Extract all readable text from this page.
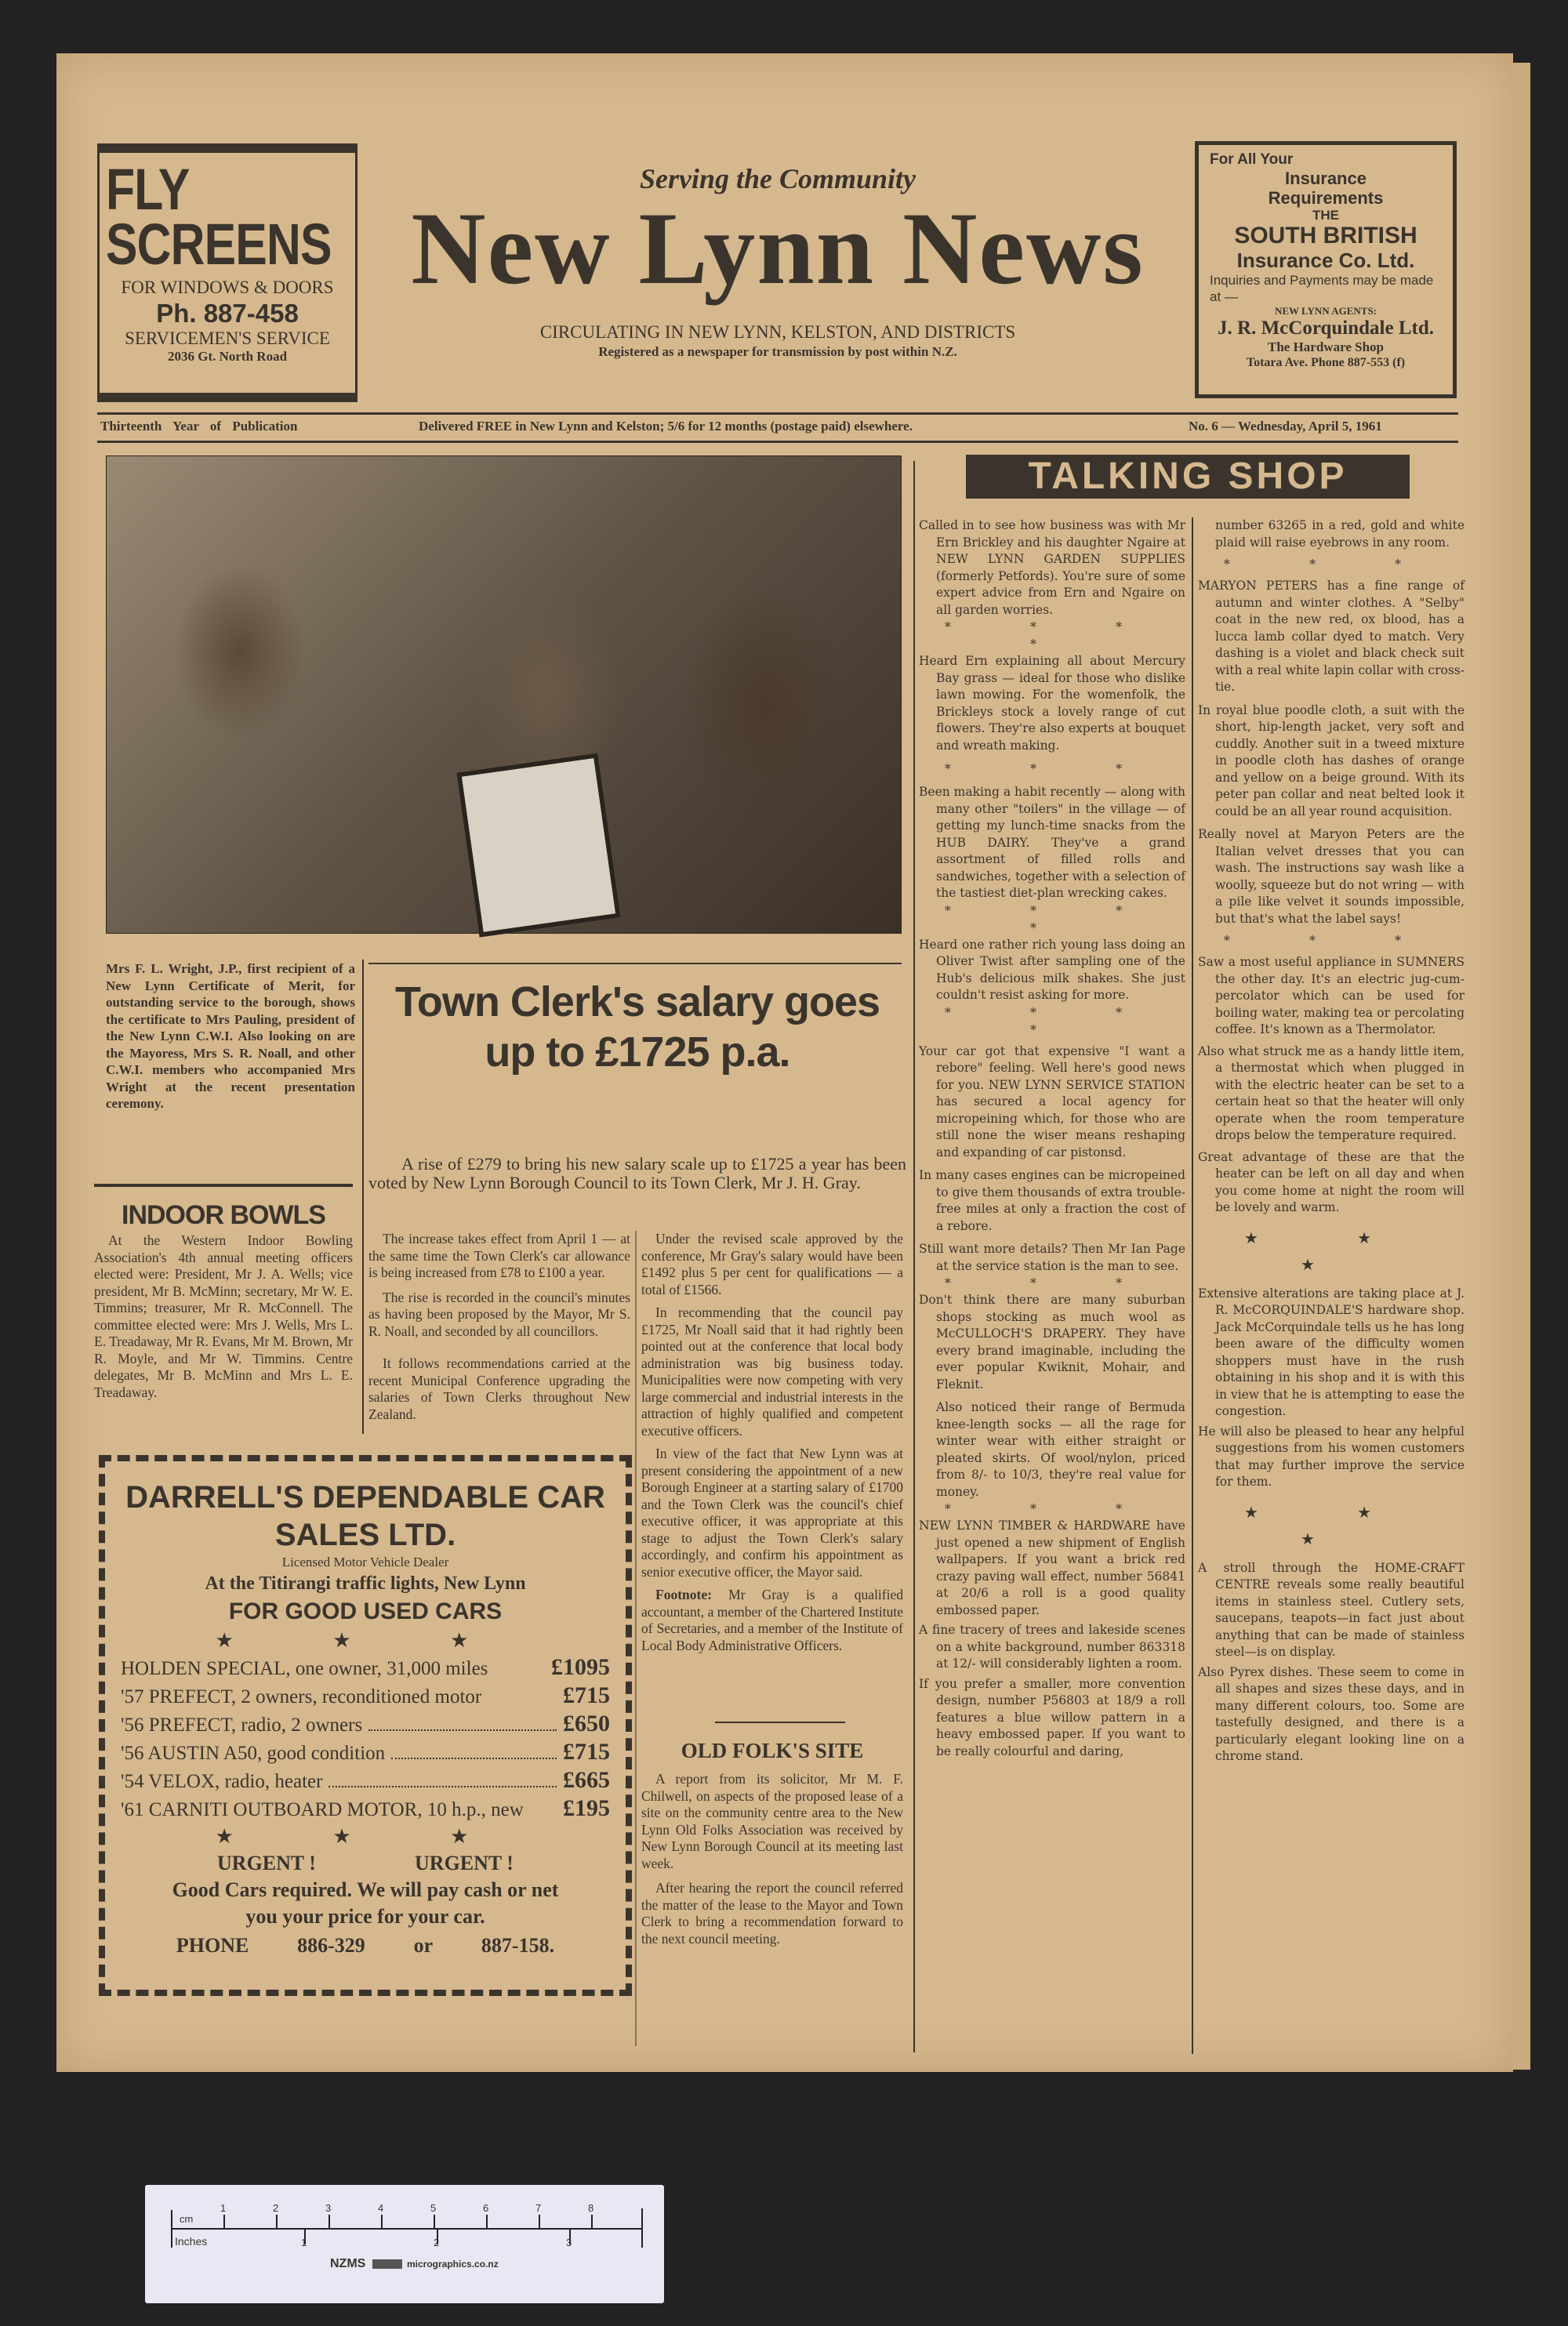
FLY
SCREENS
FOR WINDOWS & DOORS
Ph. 887-458
SERVICEMEN'S SERVICE
2036 Gt. North Road
Serving the Community
New Lynn News
CIRCULATING IN NEW LYNN, KELSTON, AND DISTRICTS
Registered as a newspaper for transmission by post within N.Z.
For All Your
Insurance
Requirements
THE
SOUTH BRITISH
Insurance Co. Ltd.
Inquiries and Payments may be made at —
NEW LYNN AGENTS:
J. R. McCorquindale Ltd.
The Hardware Shop
Totara Ave. Phone 887-553 (f)
Thirteenth Year of Publication	Delivered FREE in New Lynn and Kelston; 5/6 for 12 months (postage paid) elsewhere.	No. 6 — Wednesday, April 5, 1961
Mrs F. L. Wright, J.P., first recipient of a New Lynn Certificate of Merit, for outstanding service to the borough, shows the certificate to Mrs Pauling, president of the New Lynn C.W.I. Also looking on are the Mayoress, Mrs S. R. Noall, and other C.W.I. members who accompanied Mrs Wright at the recent presentation ceremony.
INDOOR BOWLS
At the Western Indoor Bowling Association's 4th annual meeting officers elected were: President, Mr J. A. Wells; vice president, Mr B. McMinn; secretary, Mr W. E. Timmins; treasurer, Mr R. McConnell. The committee elected were: Mrs J. Wells, Mrs L. E. Treadaway, Mr R. Evans, Mr M. Brown, Mr R. Moyle, and Mr W. Timmins. Centre delegates, Mr B. McMinn and Mrs L. E. Treadaway.
Town Clerk's salary goes up to £1725 p.a.
A rise of £279 to bring his new salary scale up to £1725 a year has been voted by New Lynn Borough Council to its Town Clerk, Mr J. H. Gray.

The increase takes effect from April 1 — at the same time the Town Clerk's car allowance is being increased from £78 to £100 a year.

The rise is recorded in the council's minutes as having been proposed by the Mayor, Mr S. R. Noall, and seconded by all councillors.

It follows recommendations carried at the recent Municipal Conference upgrading the salaries of Town Clerks throughout New Zealand.

Under the revised scale approved by the conference, Mr Gray's salary would have been £1492 plus 5 per cent for qualifications — a total of £1566.

In recommending that the council pay £1725, Mr Noall said that it had rightly been pointed out at the conference that local body administration was big business today. Municipalities were now competing with very large commercial and industrial interests in the attraction of highly qualified and competent executive officers.

In view of the fact that New Lynn was at present considering the appointment of a new Borough Engineer at a starting salary of £1700 and the Town Clerk was the council's chief executive officer, it was appropriate at this stage to adjust the Town Clerk's salary accordingly, and confirm his appointment as senior executive officer, the Mayor said.

Footnote: Mr Gray is a qualified accountant, a member of the Chartered Institute of Secretaries, and a member of the Institute of Local Body Administrative Officers.

OLD FOLK'S SITE

A report from its solicitor, Mr M. F. Chilwell, on aspects of the proposed lease of a site on the community centre area to the New Lynn Old Folks Association was received by New Lynn Borough Council at its meeting last week.

After hearing the report the council referred the matter of the lease to the Mayor and Town Clerk to bring a recommendation forward to the next council meeting.

DARRELL'S DEPENDABLE CAR
SALES LTD.
Licensed Motor Vehicle Dealer
At the Titirangi traffic lights, New Lynn
FOR GOOD USED CARS
★ ★ ★
HOLDEN SPECIAL, one owner, 31,000 miles	£1095
'57 PREFECT, 2 owners, reconditioned motor	£715
'56 PREFECT, radio, 2 owners	£650
'56 AUSTIN A50, good condition	£715
'54 VELOX, radio, heater	£665
'61 CARNITI OUTBOARD MOTOR, 10 h.p., new £195
★ ★ ★
URGENT !	URGENT !
Good Cars required. We will pay cash or net
you your price for your car.
PHONE 886-329 or 887-158.
TALKING SHOP

Called in to see how business was with Mr Ern Brickley and his daughter Ngaire at NEW LYNN GARDEN SUPPLIES (formerly Petfords). You're sure of some expert advice from Ern and Ngaire on all garden worries.

* * * *

Heard Ern explaining all about Mercury Bay grass — ideal for those who dislike lawn mowing. For the womenfolk, the Brickleys stock a lovely range of cut flowers. They're also experts at bouquet and wreath making.

* * *

Been making a habit recently — along with many other "toilers" in the village — of getting my lunch-time snacks from the HUB DAIRY. They've a grand assortment of filled rolls and sandwiches, together with a selection of the tastiest diet-plan wrecking cakes.

* * * *

Heard one rather rich young lass doing an Oliver Twist after sampling one of the Hub's delicious milk shakes. She just couldn't resist asking for more.

* * * *

Your car got that expensive "I want a rebore" feeling. Well here's good news for you. NEW LYNN SERVICE STATION has secured a local agency for micropeining which, for those who are still none the wiser means reshaping and expanding of car pistonsd.

In many cases engines can be micropeined to give them thousands of extra trouble-free miles at only a fraction the cost of a rebore.

Still want more details? Then Mr Ian Page at the service station is the man to see.

* * *

Don't think there are many suburban shops stocking as much wool as McCULLOCH'S DRAPERY. They have every brand imaginable, including the ever popular Kwiknit, Mohair, and Fleknit.

Also noticed their range of Bermuda knee-length socks — all the rage for winter wear with either straight or pleated skirts. Of wool/nylon, priced from 8/- to 10/3, they're real value for money.

* * *

NEW LYNN TIMBER & HARDWARE have just opened a new shipment of English wallpapers. If you want a brick red crazy paving wall effect, number 56841 at 20/6 a roll is a good quality embossed paper.

A fine tracery of trees and lakeside scenes on a white background, number 863318 at 12/- will considerably lighten a room.

If you prefer a smaller, more convention design, number P56803 at 18/9 a roll features a blue willow pattern in a heavy embossed paper. If you want to be really colourful and daring,

number 63265 in a red, gold and white plaid will raise eyebrows in any room.

* * *

MARYON PETERS has a fine range of autumn and winter clothes. A "Selby" coat in the new red, ox blood, has a lucca lamb collar dyed to match. Very dashing is a violet and black check suit with a real white lapin collar with cross-tie.

In royal blue poodle cloth, a suit with the short, hip-length jacket, very soft and cuddly. Another suit in a tweed mixture in poodle cloth has dashes of orange and yellow on a beige ground. With its peter pan collar and neat belted look it could be an all year round acquisition.

Really novel at Maryon Peters are the Italian velvet dresses that you can wash. The instructions say wash like a woolly, squeeze but do not wring — with a pile like velvet it sounds impossible, but that's what the label says!

* * *

Saw a most useful appliance in SUMNERS the other day. It's an electric jug-cum-percolator which can be used for boiling water, making tea or percolating coffee. It's known as a Thermolator.

Also what struck me as a handy little item, a thermostat which when plugged in with the electric heater can be set to a certain heat so that the heater will only operate when the room temperature drops below the temperature required.

Great advantage of these are that the heater can be left on all day and when you come home at night the room will be lovely and warm.

★ ★ ★

Extensive alterations are taking place at J. R. McCORQUINDALE'S hardware shop. Jack McCorquindale tells us he has long been aware of the difficulty women shoppers must have in the rush obtaining in his shop and it is with this in view that he is attempting to ease the congestion.

He will also be pleased to hear any helpful suggestions from his women customers that may further improve the service for them.

★ ★ ★

A stroll through the HOME-CRAFT CENTRE reveals some really beautiful items in stainless steel. Cutlery sets, saucepans, teapots—in fact just about anything that can be made of stainless steel—is on display.

Also Pyrex dishes. These seem to come in all shapes and sizes these days, and in many different colours, too. Some are tastefully designed, and there is a particularly elegant looking line on a chrome stand.

cm
Inches
1	2	3	4	5	6	7	8
1	2	3
NZMS	micrographics.co.nz
